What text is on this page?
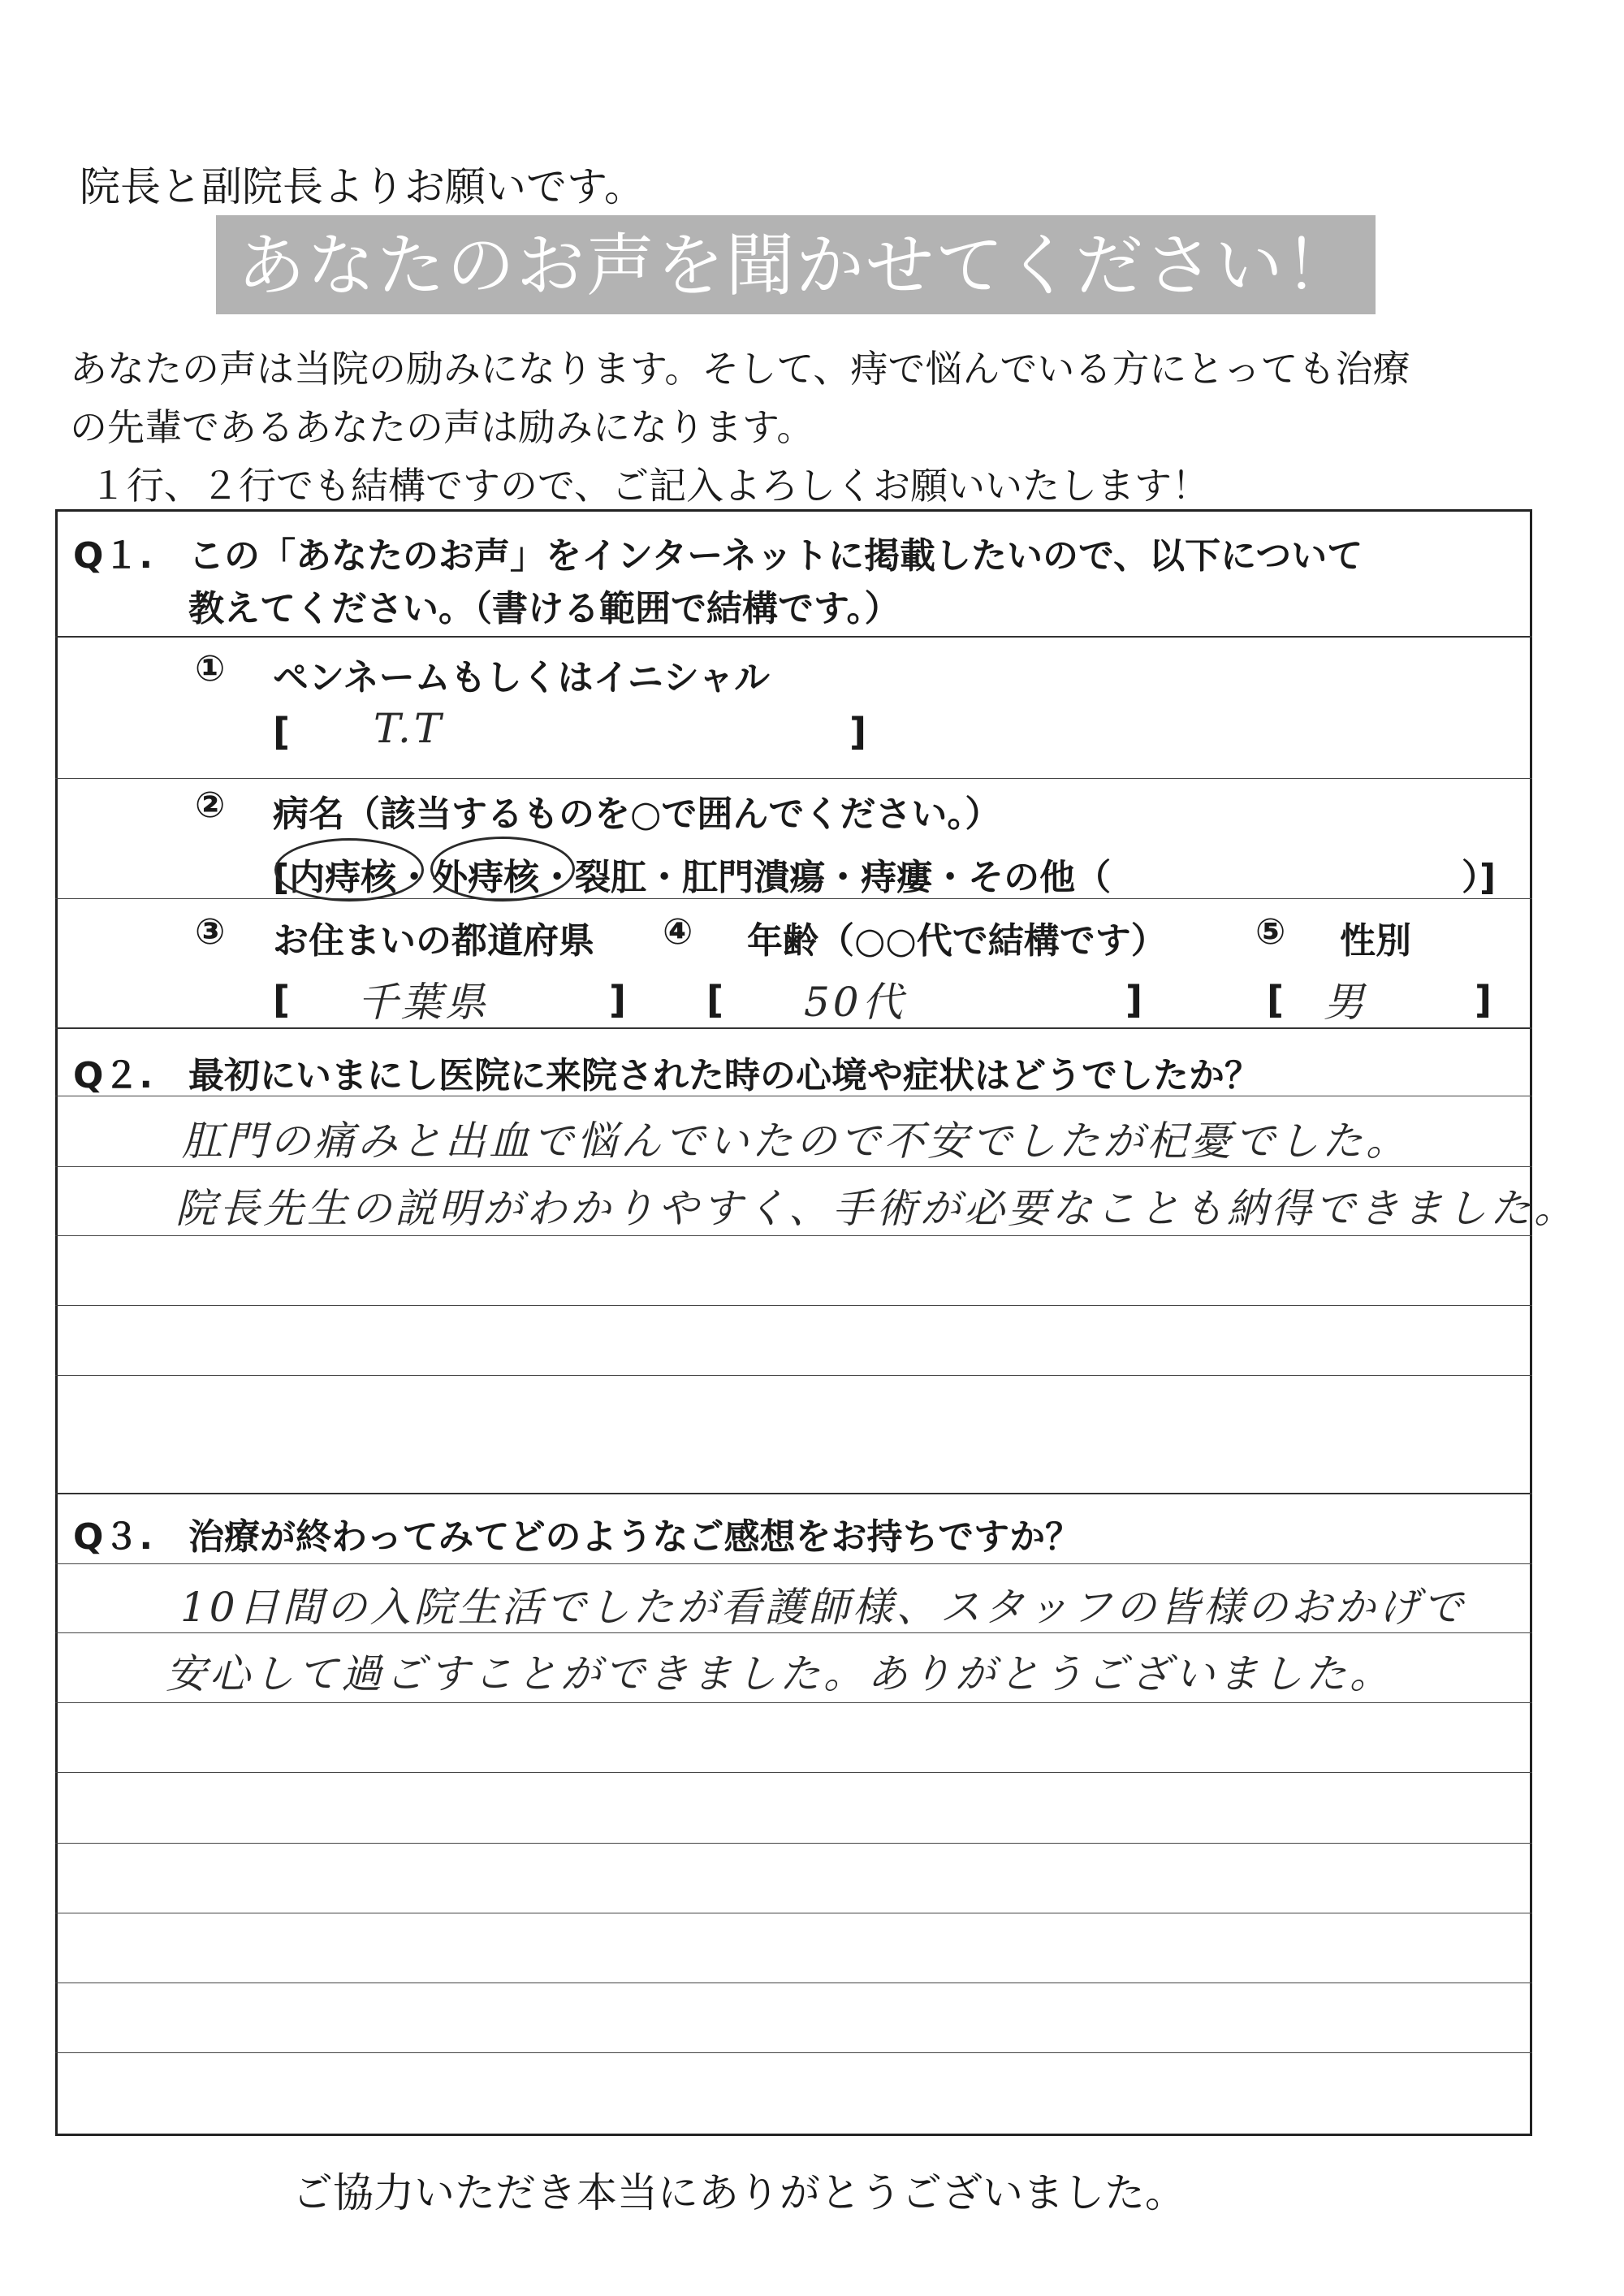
院長と副院長よりお願いです。
あなたのお声を聞かせてください！
あなたの声は当院の励みになります。そして、痔で悩んでいる方にとっても治療
の先輩であるあなたの声は励みになります。
１行、２行でも結構ですので、ご記入よろしくお願いいたします！
Q１. この「あなたのお声」をインターネットに掲載したいので、以下について
教えてください。（書ける範囲で結構です。）
① ペンネームもしくはイニシャル
[ T.T	]
② 病名（該当するものを○で囲んでください。）
[内痔核・外痔核・裂肛・肛門潰瘍・痔瘻・その他（	）]
③ お住まいの都道府県 ④ 年齢（○○代で結構です） ⑤ 性別
[ 千葉県	] [ 50代	]	[ 男	]
Q２. 最初にいまにし医院に来院された時の心境や症状はどうでしたか？
肛門の痛みと出血で悩んでいたので不安でしたが杞憂でした。
院長先生の説明がわかりやすく、手術が必要なことも納得できました。
Q３. 治療が終わってみてどのようなご感想をお持ちですか？
10日間の入院生活でしたが看護師様、スタッフの皆様のおかげで
安心して過ごすことができました。ありがとうございました。
ご協力いただき本当にありがとうございました。
